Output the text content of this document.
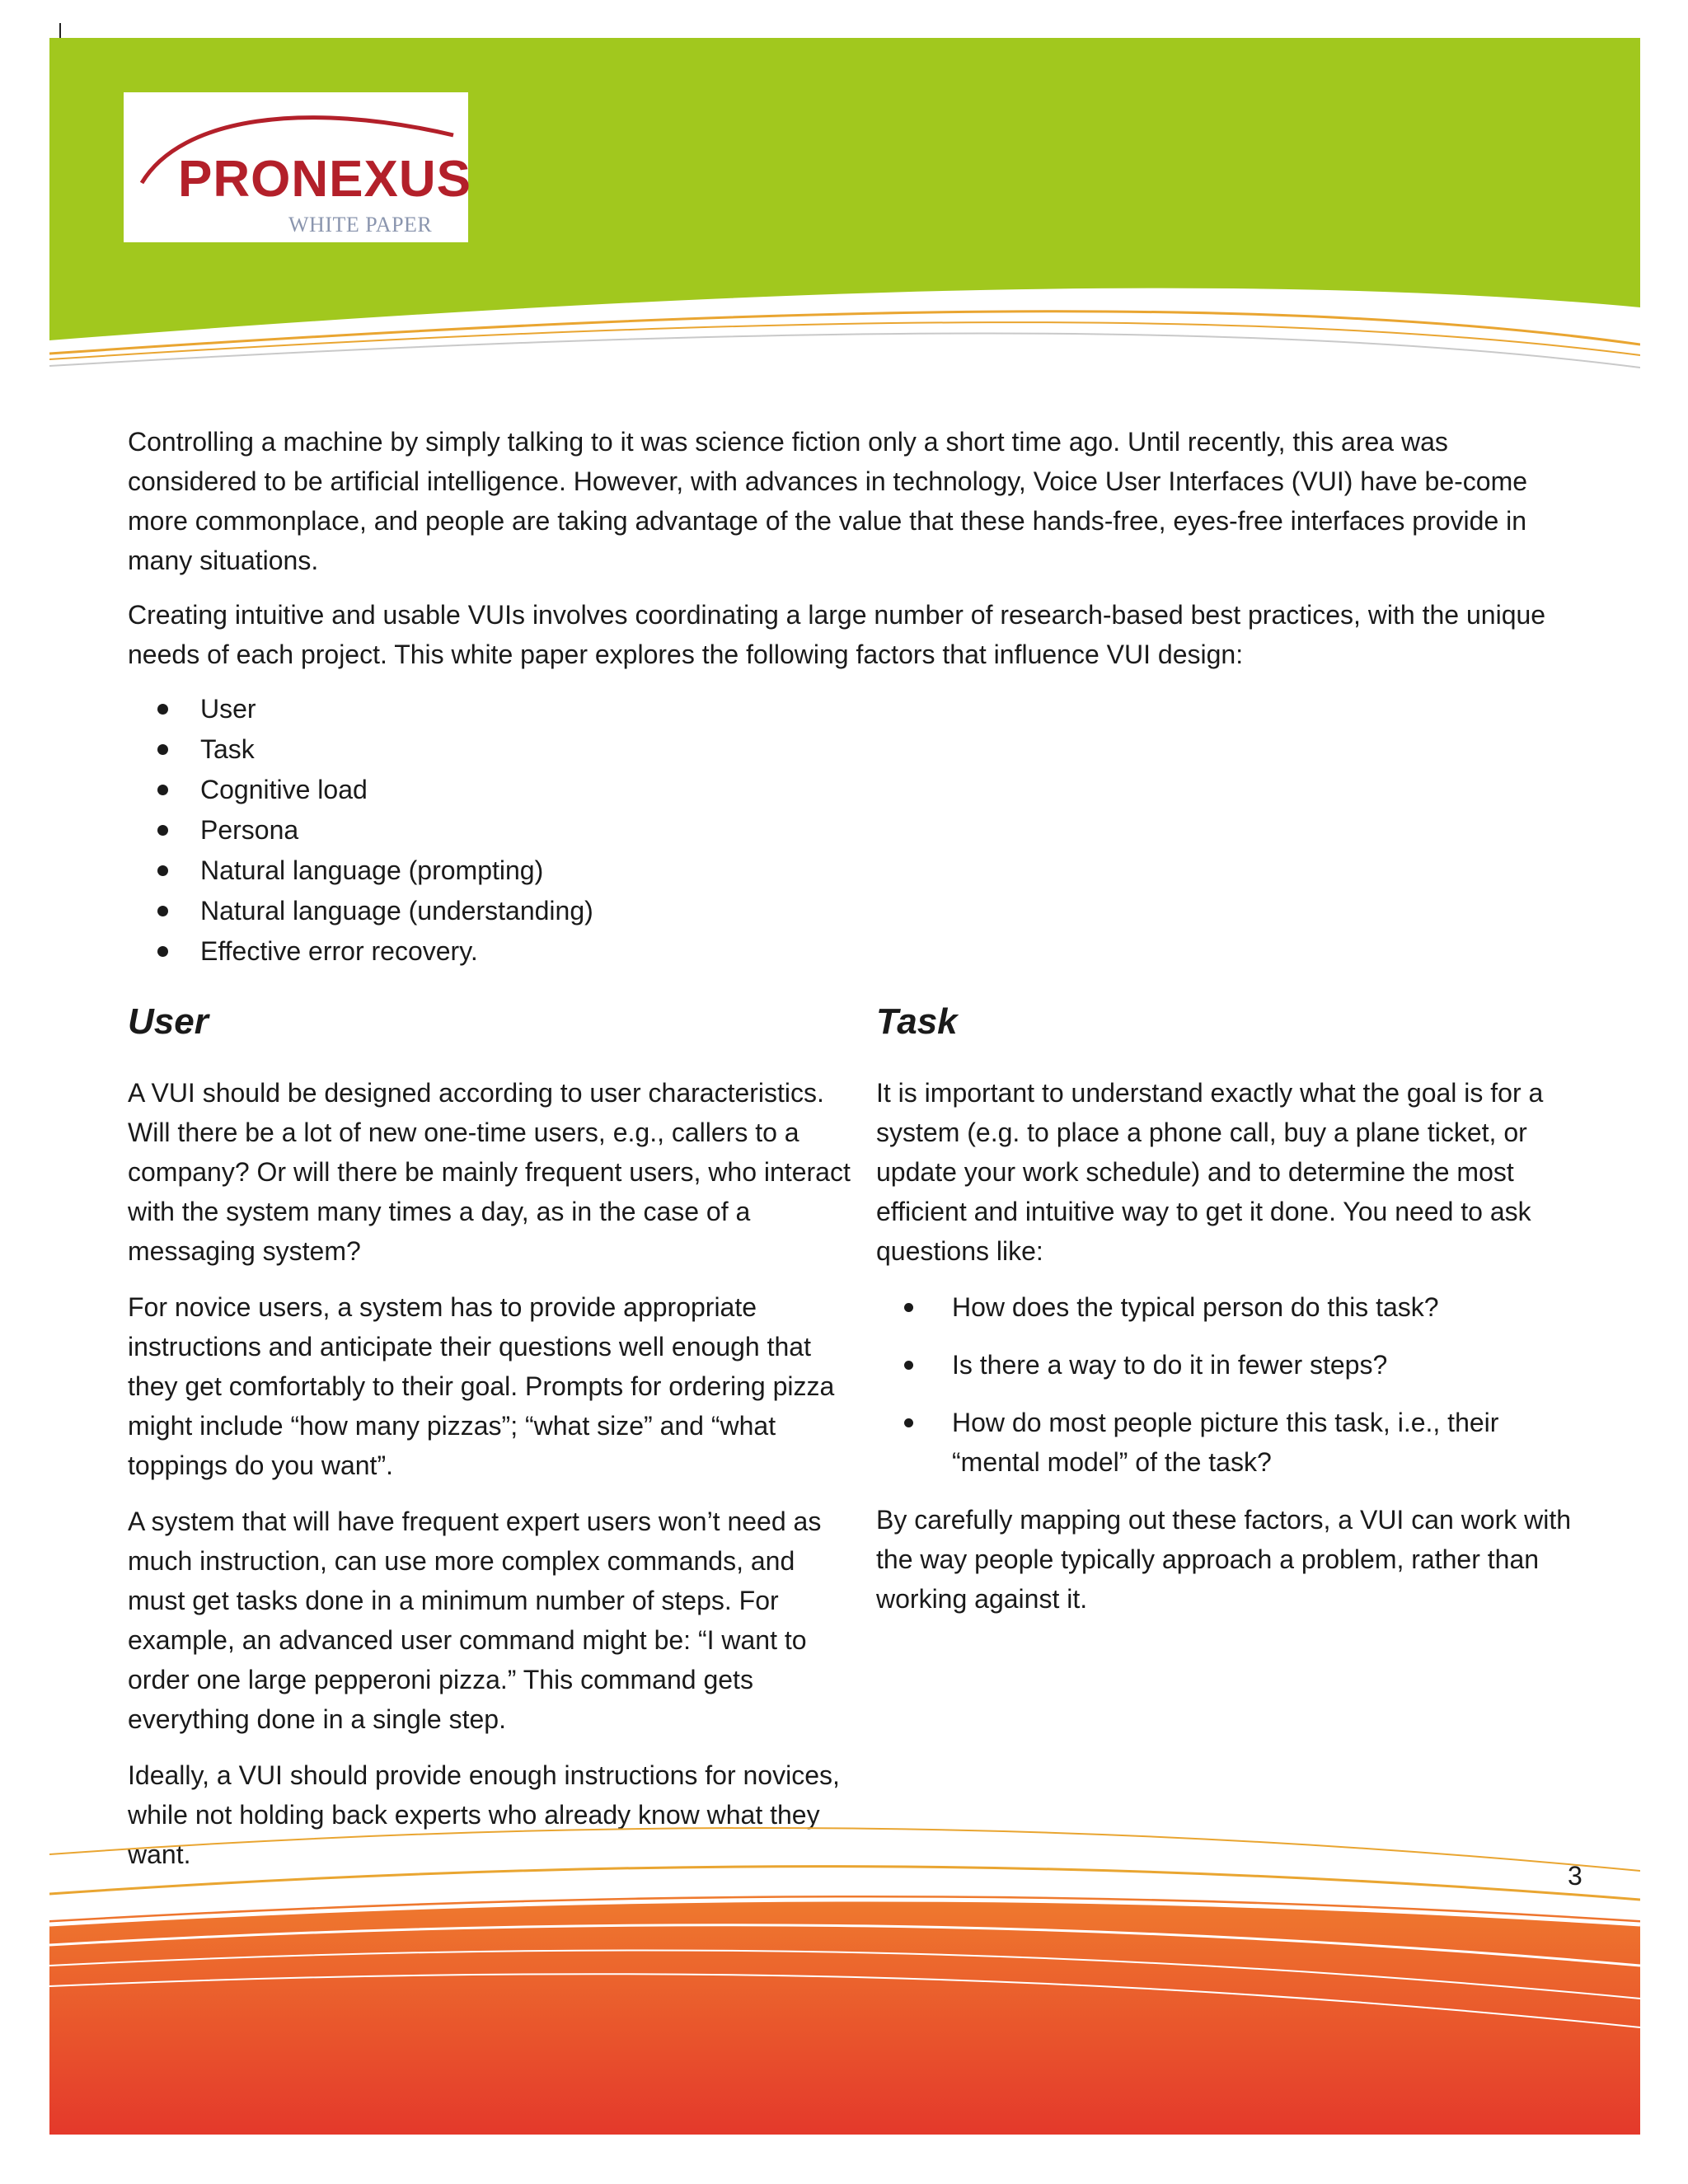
PRONEXUS
WHITE PAPER

Controlling a machine by simply talking to it was science fiction only a short time ago. Until recently, this area was considered to be artificial intelligence. However, with advances in technology, Voice User Interfaces (VUI) have be-come more commonplace, and people are taking advantage of the value that these hands-free, eyes-free interfaces provide in many situations.

Creating intuitive and usable VUIs involves coordinating a large number of research-based best practices, with the unique needs of each project. This white paper explores the following factors that influence VUI design:

User
Task
Cognitive load
Persona
Natural language (prompting)
Natural language (understanding)
Effective error recovery.
User

A VUI should be designed according to user characteristics. Will there be a lot of new one-time users, e.g., callers to a company? Or will there be mainly frequent users, who interact with the system many times a day, as in the case of a messaging system?

For novice users, a system has to provide appropriate instructions and anticipate their questions well enough that they get comfortably to their goal. Prompts for ordering pizza might include “how many pizzas”; “what size” and “what toppings do you want”.

A system that will have frequent expert users won’t need as much instruction, can use more complex commands, and must get tasks done in a minimum number of steps. For example, an advanced user command might be: “I want to order one large pepperoni pizza.” This command gets everything done in a single step.

Ideally, a VUI should provide enough instructions for novices, while not holding back experts who already know what they want.

Task

It is important to understand exactly what the goal is for a system (e.g. to place a phone call, buy a plane ticket, or update your work schedule) and to determine the most efficient and intuitive way to get it done. You need to ask questions like:

How does the typical person do this task?
Is there a way to do it in fewer steps?
How do most people picture this task, i.e., their “mental model” of the task?

By carefully mapping out these factors, a VUI can work with the way people typically approach a problem, rather than working against it.

3
